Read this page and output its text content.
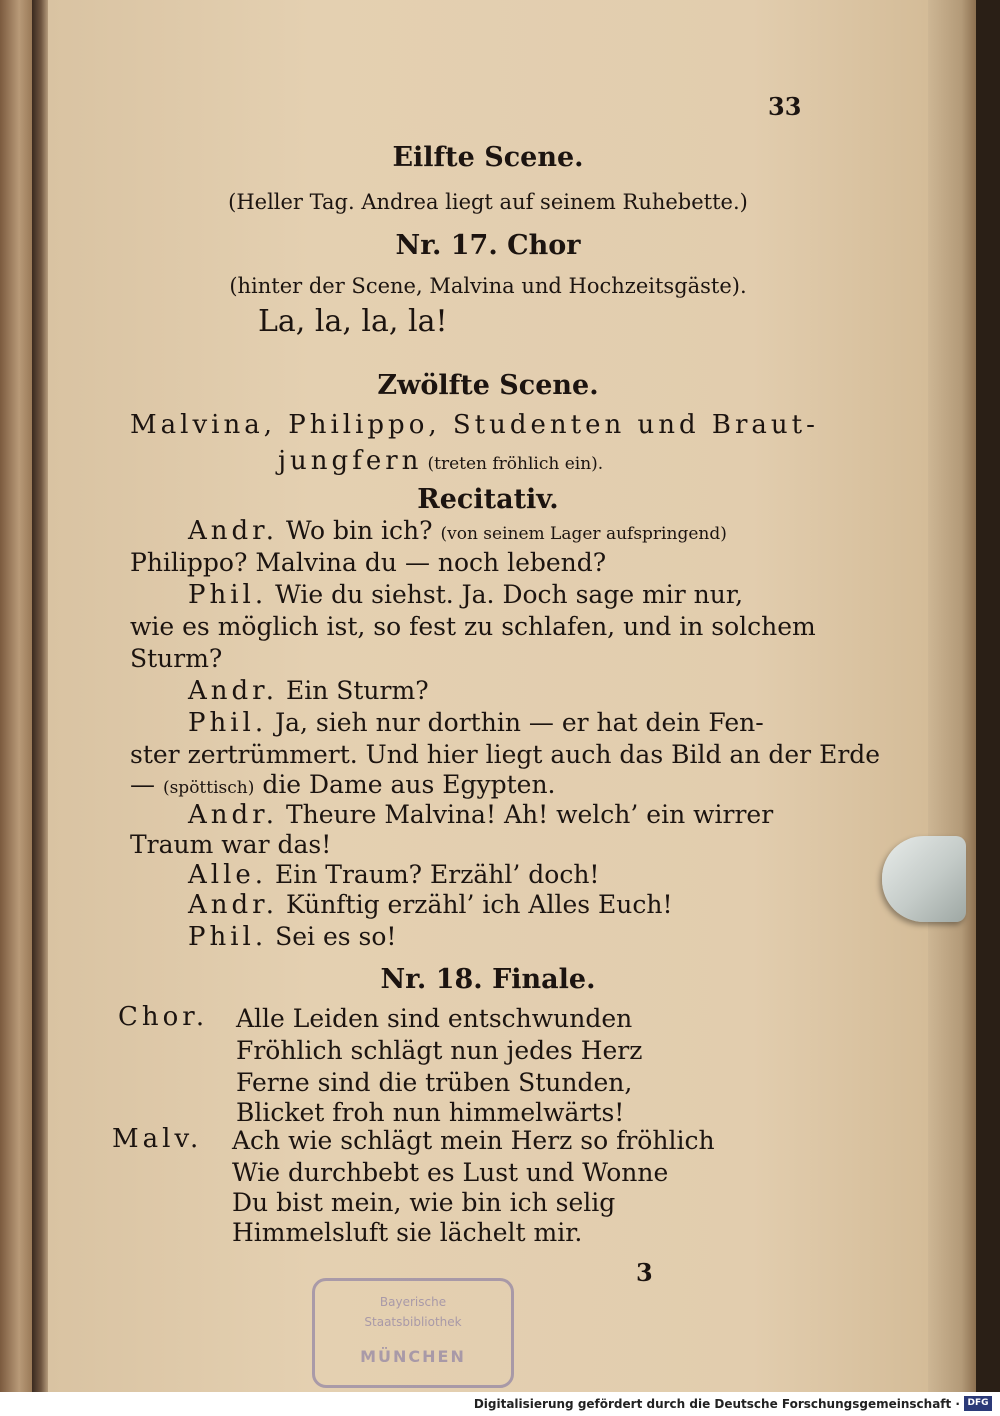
33
Eilfte Scene.
(Heller Tag. Andrea liegt auf seinem Ruhebette.)
Nr. 17. Chor
(hinter der Scene, Malvina und Hochzeitsgäste).
La, la, la, la!
Zwölfte Scene.
Malvina, Philippo, Studenten und Braut-
jungfern (treten fröhlich ein).
Recitativ.
Andr. Wo bin ich? (von seinem Lager aufspringend)
Philippo? Malvina du — noch lebend?
Phil. Wie du siehst. Ja. Doch sage mir nur,
wie es möglich ist, so fest zu schlafen, und in solchem
Sturm?
Andr. Ein Sturm?
Phil. Ja, sieh nur dorthin — er hat dein Fen-
ster zertrümmert. Und hier liegt auch das Bild an der Erde
— (spöttisch) die Dame aus Egypten.
Andr. Theure Malvina! Ah! welch’ ein wirrer
Traum war das!
Alle. Ein Traum? Erzähl’ doch!
Andr. Künftig erzähl’ ich Alles Euch!
Phil. Sei es so!
Nr. 18. Finale.
Chor. Alle Leiden sind entschwunden
Fröhlich schlägt nun jedes Herz
Ferne sind die trüben Stunden,
Blicket froh nun himmelwärts!
Malv. Ach wie schlägt mein Herz so fröhlich
Wie durchbebt es Lust und Wonne
Du bist mein, wie bin ich selig
Himmelsluft sie lächelt mir.
3
Bayerische
Staatsbibliothek
MÜNCHEN
Digitalisierung gefördert durch die Deutsche Forschungsgemeinschaft · DFG
